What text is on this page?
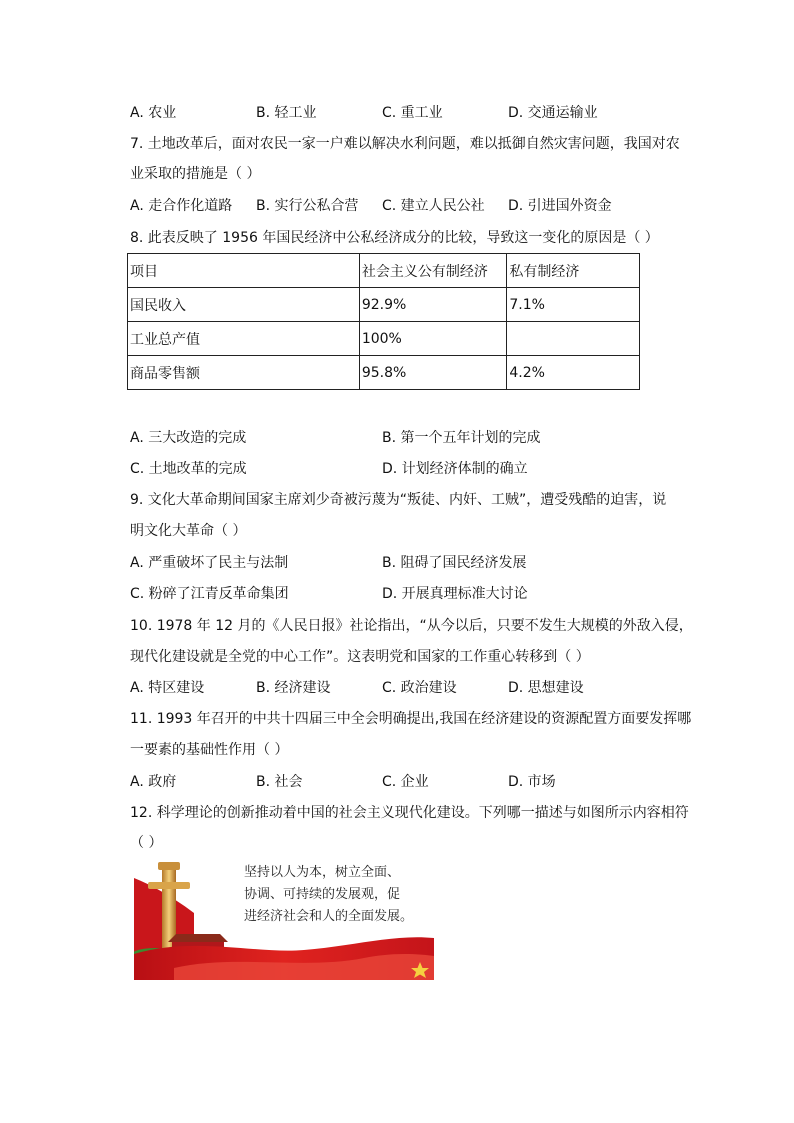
A. 农业	B. 轻工业	C. 重工业	D. 交通运输业
7. 土地改革后，面对农民一家一户难以解决水利问题，难以抵御自然灾害问题，我国对农
业采取的措施是（ ）
A. 走合作化道路 B. 实行公私合营 C. 建立人民公社 D. 引进国外资金
8. 此表反映了 1956 年国民经济中公私经济成分的比较，导致这一变化的原因是（ ）
项目	社会主义公有制经济	私有制经济
国民收入	92.9%	7.1%
工业总产值	100%	
商品零售额	95.8%	4.2%
A. 三大改造的完成	B. 第一个五年计划的完成
C. 土地改革的完成	D. 计划经济体制的确立
9. 文化大革命期间国家主席刘少奇被污蔑为“叛徒、内奸、工贼”，遭受残酷的迫害，说
明文化大革命（ ）
A. 严重破坏了民主与法制	B. 阻碍了国民经济发展
C. 粉碎了江青反革命集团	D. 开展真理标准大讨论
10. 1978 年 12 月的《人民日报》社论指出，“从今以后，只要不发生大规模的外敌入侵，
现代化建设就是全党的中心工作”。这表明党和国家的工作重心转移到（ ）
A. 特区建设	B. 经济建设	C. 政治建设	D. 思想建设
11. 1993 年召开的中共十四届三中全会明确提出,我国在经济建设的资源配置方面要发挥哪
一要素的基础性作用（ ）
A. 政府	B. 社会	C. 企业	D. 市场
12. 科学理论的创新推动着中国的社会主义现代化建设。下列哪一描述与如图所示内容相符
（ ）
坚持以人为本，树立全面、
协调、可持续的发展观，促
进经济社会和人的全面发展。
